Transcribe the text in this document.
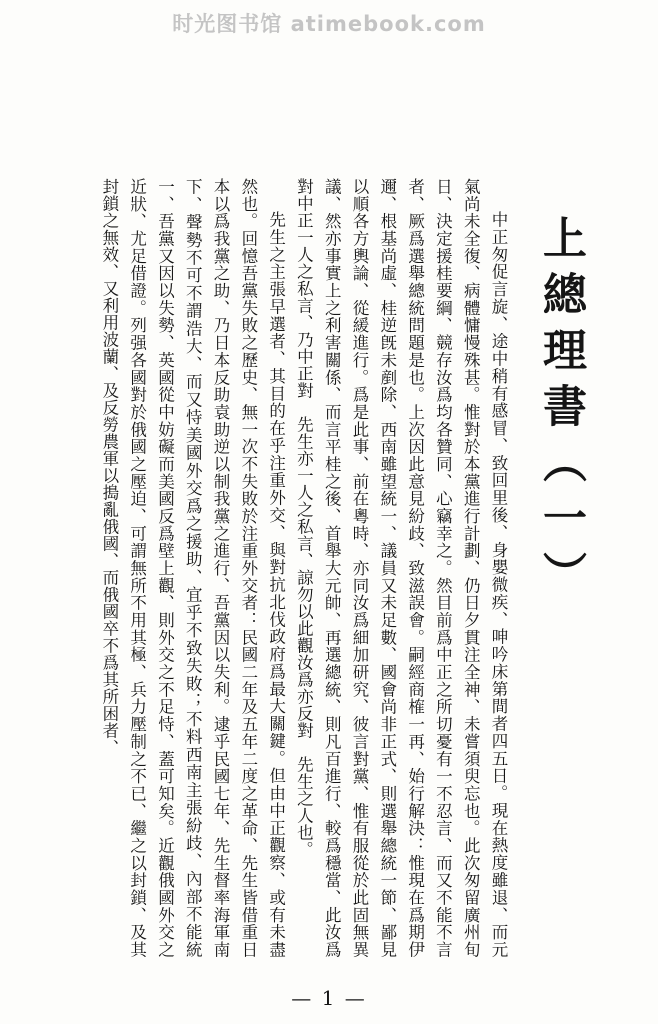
时光图书馆 atimebook.com
上總理書（一）

中正匆促言旋、途中稍有感冒、致回里後、身嬰微疾、呻吟床第間者四五日。現在熱度雖退、而元氣尚未全復、病體慵慢殊甚。惟對於本黨進行計劃、仍日夕貫注全神、未嘗須臾忘也。此次匆留廣州旬日、決定援桂要綱、競存汝爲均各贊同、心竊幸之。然目前爲中正之所切憂有一不忍言、而又不能不言者、厥爲選舉總統問題是也。上次因此意見紛歧、致滋誤會。嗣經商榷一再、始行解決：惟現在爲期伊邇、根基尚虛、桂逆旣未剷除、西南雖望統一、議員又未足數、國會尚非正式、則選舉總統一節、鄙見以順各方輿論、從緩進行。爲是此事、前在粵時、亦同汝爲細加研究、彼言對黨、惟有服從於此固無異議、然亦事實上之利害關係、而言平桂之後、首舉大元帥、再選總統、則凡百進行、較爲穩當、此汝爲對中正一人之私言、乃中正對　先生亦一人之私言、諒勿以此觀汝爲亦反對　先生之人也。

先生之主張早選者、其目的在乎注重外交、與對抗北伐政府爲最大關鍵。但由中正觀察、或有未盡然也。回憶吾黨失敗之歷史、無一次不失敗於注重外交者：民國二年及五年二度之革命、先生皆借重日本以爲我黨之助、乃日本反助袁助逆以制我黨之進行、吾黨因以失利。逮乎民國七年、先生督率海軍南下、聲勢不可不謂浩大、而又恃美國外交爲之援助、宜乎不致失敗；不料西南主張紛歧、內部不能統一、吾黨又因以失勢、英國從中妨礙而美國反爲壁上觀、則外交之不足恃、蓋可知矣。近觀俄國外交之近狀、尤足借證。列强各國對於俄國之壓迫、可謂無所不用其極、兵力壓制之不已、繼之以封鎖、及其封鎖之無效、又利用波蘭、及反勞農軍以搗亂俄國、而俄國卒不爲其所困者、

— 1 —
